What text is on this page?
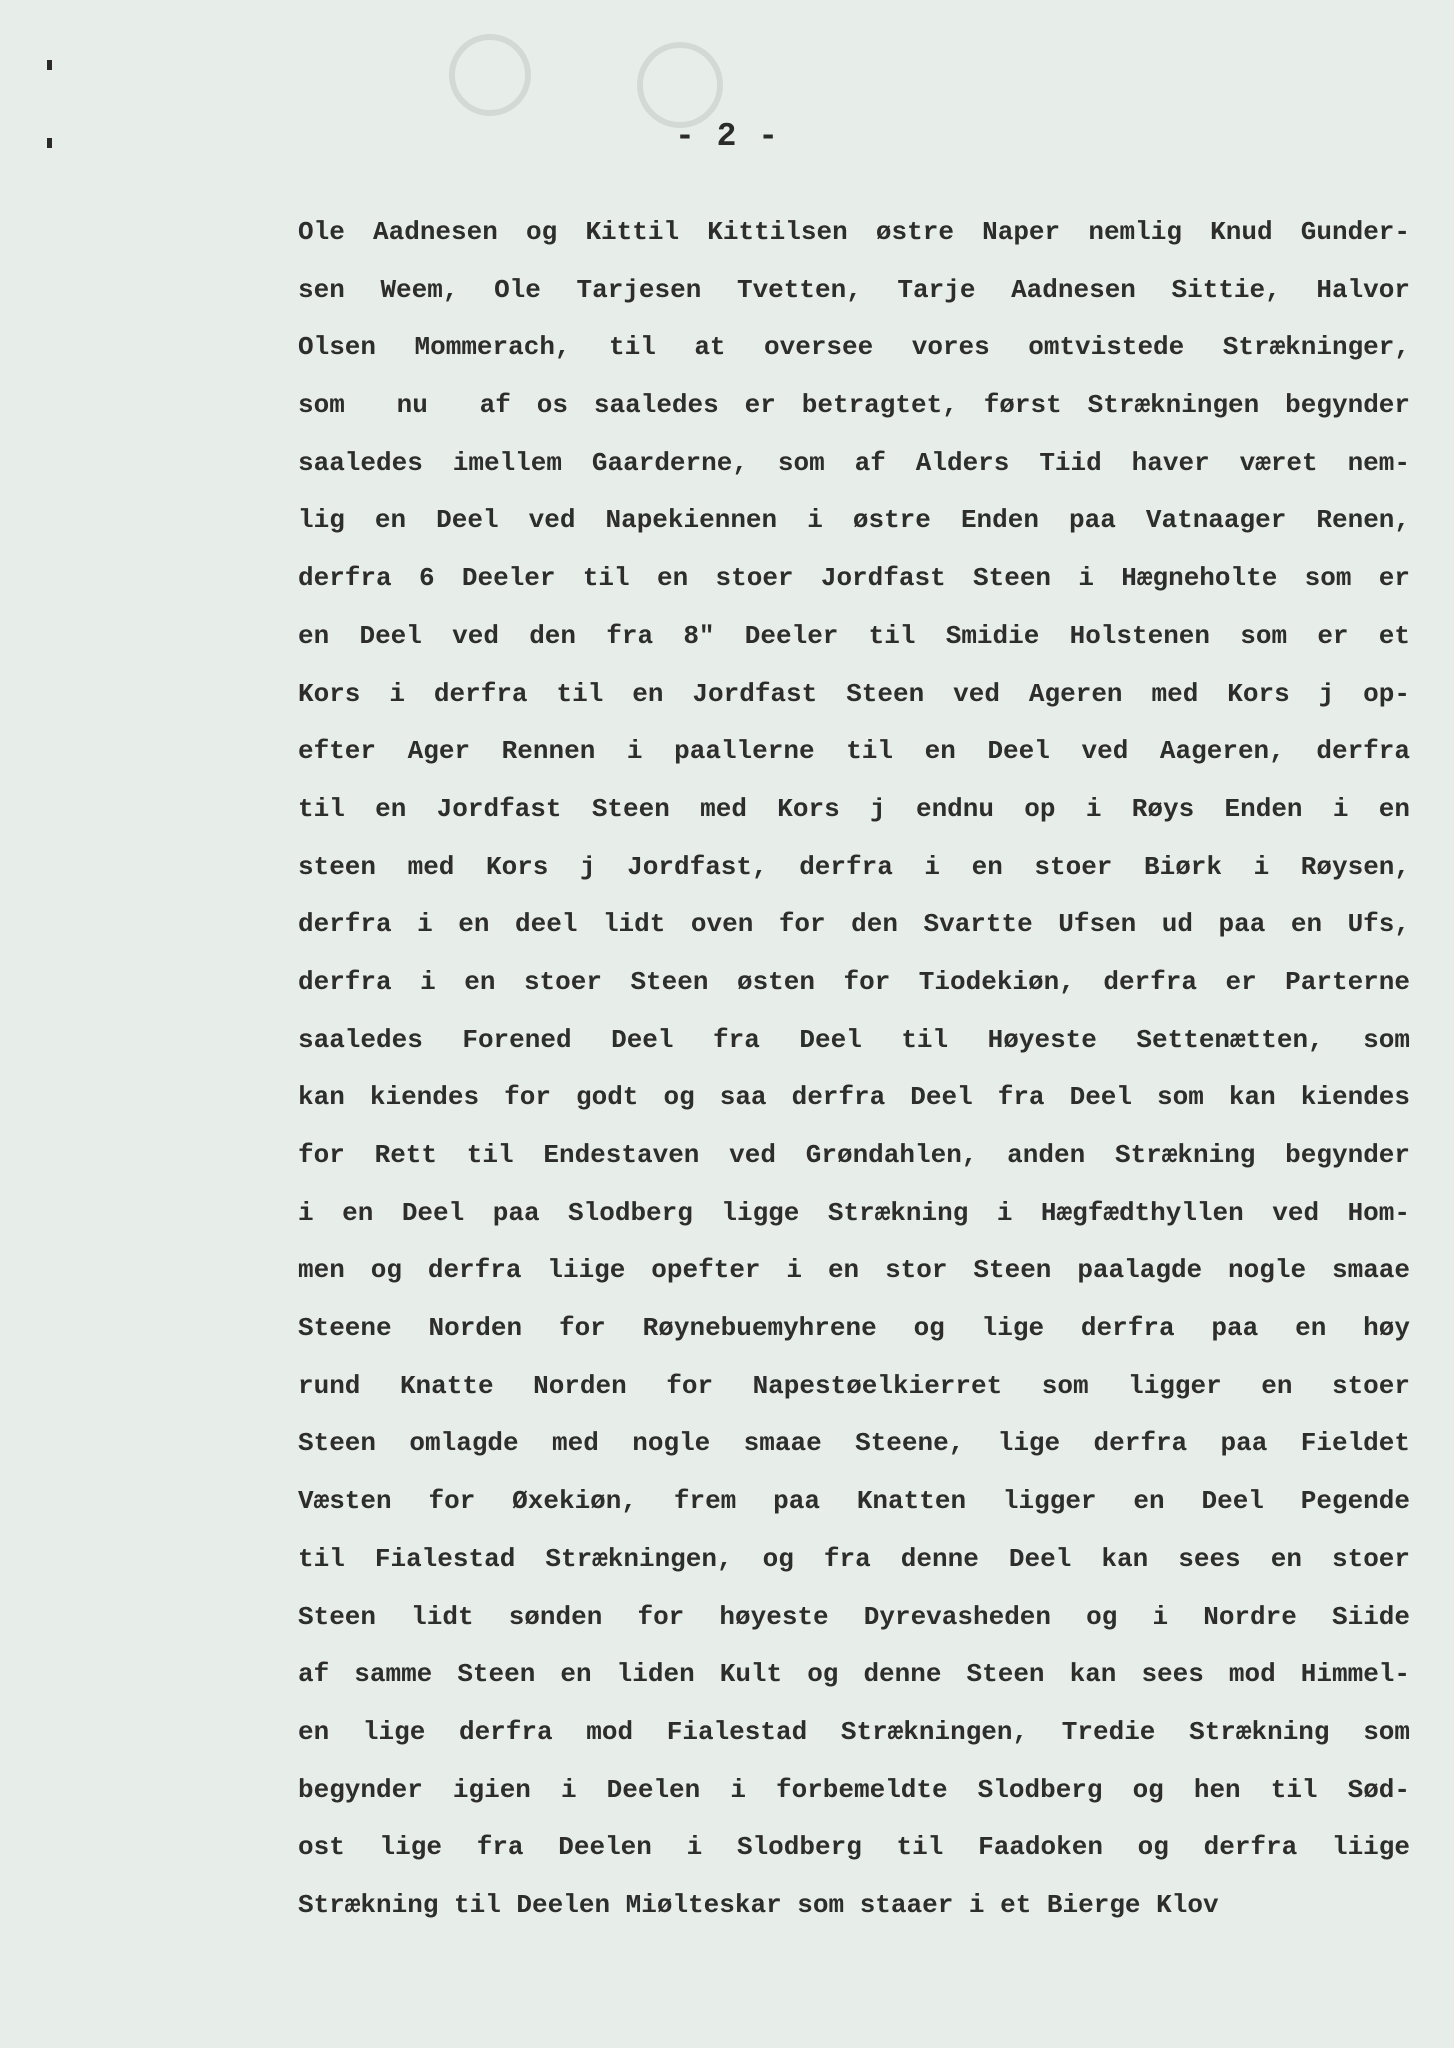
- 2 -
Ole Aadnesen og Kittil Kittilsen østre Naper nemlig Knud Gunder-
sen Weem, Ole Tarjesen Tvetten, Tarje Aadnesen Sittie, Halvor
Olsen Mommerach, til at oversee vores omtvistede Strækninger,
som  nu  af os saaledes er betragtet, først Strækningen begynder
saaledes imellem Gaarderne, som af Alders Tiid haver været nem-
lig en Deel ved Napekiennen i østre Enden paa Vatnaager Renen,
derfra 6 Deeler til en stoer Jordfast Steen i Hægneholte som er
en Deel ved den fra 8" Deeler til Smidie Holstenen som er et
Kors i derfra til en Jordfast Steen ved Ageren med Kors j op-
efter Ager Rennen i paallerne til en Deel ved Aageren, derfra
til en Jordfast Steen med Kors j endnu op i Røys Enden i en
steen med Kors j Jordfast, derfra i en stoer Biørk i Røysen,
derfra i en deel lidt oven for den Svartte Ufsen ud paa en Ufs,
derfra i en stoer Steen østen for Tiodekiøn, derfra er Parterne
saaledes Forened Deel fra Deel til Høyeste Settenætten, som
kan kiendes for godt og saa derfra Deel fra Deel som kan kiendes
for Rett til Endestaven ved Grøndahlen, anden Strækning begynder
i en Deel paa Slodberg ligge Strækning i Hægfædthyllen ved Hom-
men og derfra liige opefter i en stor Steen paalagde nogle smaae
Steene Norden for Røynebuemyhrene og lige derfra paa en høy
rund Knatte Norden for Napestøelkierret som ligger en stoer
Steen omlagde med nogle smaae Steene, lige derfra paa Fieldet
Væsten for Øxekiøn, frem paa Knatten ligger en Deel Pegende
til Fialestad Strækningen, og fra denne Deel kan sees en stoer
Steen lidt sønden for høyeste Dyrevasheden og i Nordre Siide
af samme Steen en liden Kult og denne Steen kan sees mod Himmel-
en lige derfra mod Fialestad Strækningen, Tredie Strækning som
begynder igien i Deelen i forbemeldte Slodberg og hen til Sød-
ost lige fra Deelen i Slodberg til Faadoken og derfra liige
Strækning til Deelen Miølteskar som staaer i et Bierge Klov
